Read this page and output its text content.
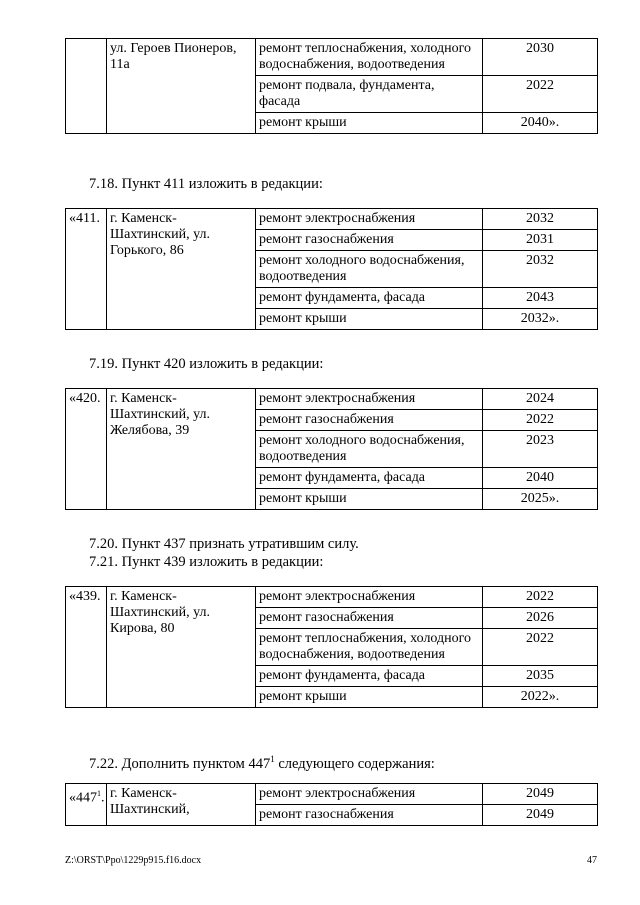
	ул. Героев Пионеров, 11а	ремонт теплоснабжения, холодного водоснабжения, водоотведения	2030
		ремонт подвала, фундамента, фасада	2022
		ремонт крыши	2040».

7.18. Пункт 411 изложить в редакции:

«411.	г. Каменск-Шахтинский, ул. Горького, 86	ремонт электроснабжения	2032
		ремонт газоснабжения	2031
		ремонт холодного водоснабжения, водоотведения	2032
		ремонт фундамента, фасада	2043
		ремонт крыши	2032».

7.19. Пункт 420 изложить в редакции:

«420.	г. Каменск-Шахтинский, ул. Желябова, 39	ремонт электроснабжения	2024
		ремонт газоснабжения	2022
		ремонт холодного водоснабжения, водоотведения	2023
		ремонт фундамента, фасада	2040
		ремонт крыши	2025».

7.20. Пункт 437 признать утратившим силу.

7.21. Пункт 439 изложить в редакции:

«439.	г. Каменск-Шахтинский, ул. Кирова, 80	ремонт электроснабжения	2022
		ремонт газоснабжения	2026
		ремонт теплоснабжения, холодного водоснабжения, водоотведения	2022
		ремонт фундамента, фасада	2035
		ремонт крыши	2022».

7.22. Дополнить пунктом $447^1$ следующего содержания:

«$447^1$.	г. Каменск-Шахтинский,	ремонт электроснабжения	2049
		ремонт газоснабжения	2049
Z:\ORST\Ppo\1229p915.f16.docx	47
